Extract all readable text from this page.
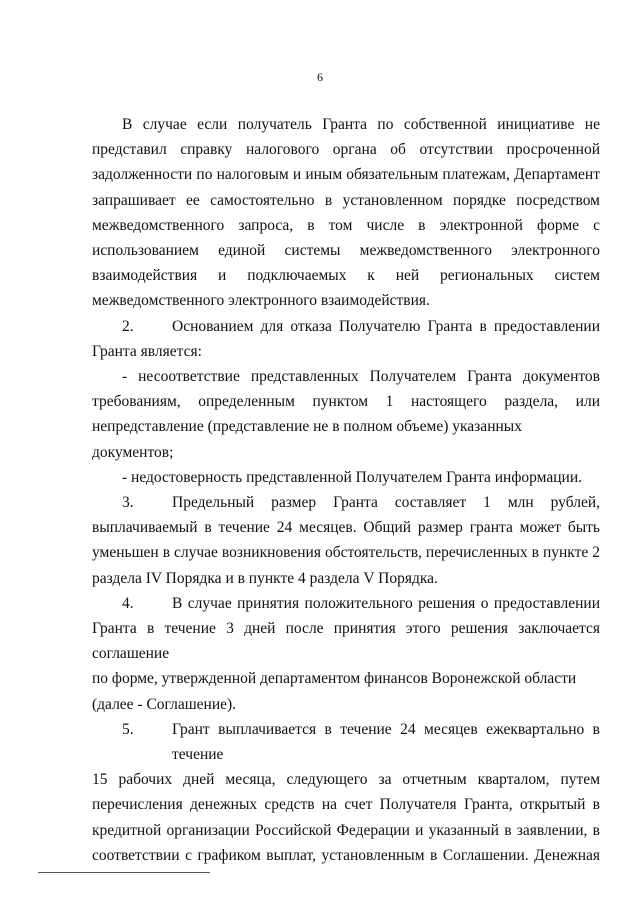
6

В случае если получатель Гранта по собственной инициативе не

представил справку налогового органа об отсутствии просроченной

задолженности по налоговым и иным обязательным платежам, Департамент

запрашивает ее самостоятельно в установленном порядке посредством

межведомственного запроса, в том числе в электронной форме с

использованием единой системы межведомственного электронного

взаимодействия и подключаемых к ней региональных систем

межведомственного электронного взаимодействия.

2.	Основанием для отказа Получателю Гранта в предоставлении

Гранта является:

- несоответствие представленных Получателем Гранта документов

требованиям, определенным пунктом 1 настоящего раздела, или

непредставление (представление не в полном объеме) указанных документов;

- недостоверность представленной Получателем Гранта информации.

3.	Предельный размер Гранта составляет 1 млн рублей,

выплачиваемый в течение 24 месяцев. Общий размер гранта может быть

уменьшен в случае возникновения обстоятельств, перечисленных в пункте 2

раздела IV Порядка и в пункте 4 раздела V Порядка.

4.	В случае принятия положительного решения о предоставлении

Гранта в течение 3 дней после принятия этого решения заключается соглашение

по форме, утвержденной департаментом финансов Воронежской области

(далее - Соглашение).

5.	Грант выплачивается в течение 24 месяцев ежеквартально в течение

15 рабочих дней месяца, следующего за отчетным кварталом, путем

перечисления денежных средств на счет Получателя Гранта, открытый в

кредитной организации Российской Федерации и указанный в заявлении, в

соответствии с графиком выплат, установленным в Соглашении. Денежная
